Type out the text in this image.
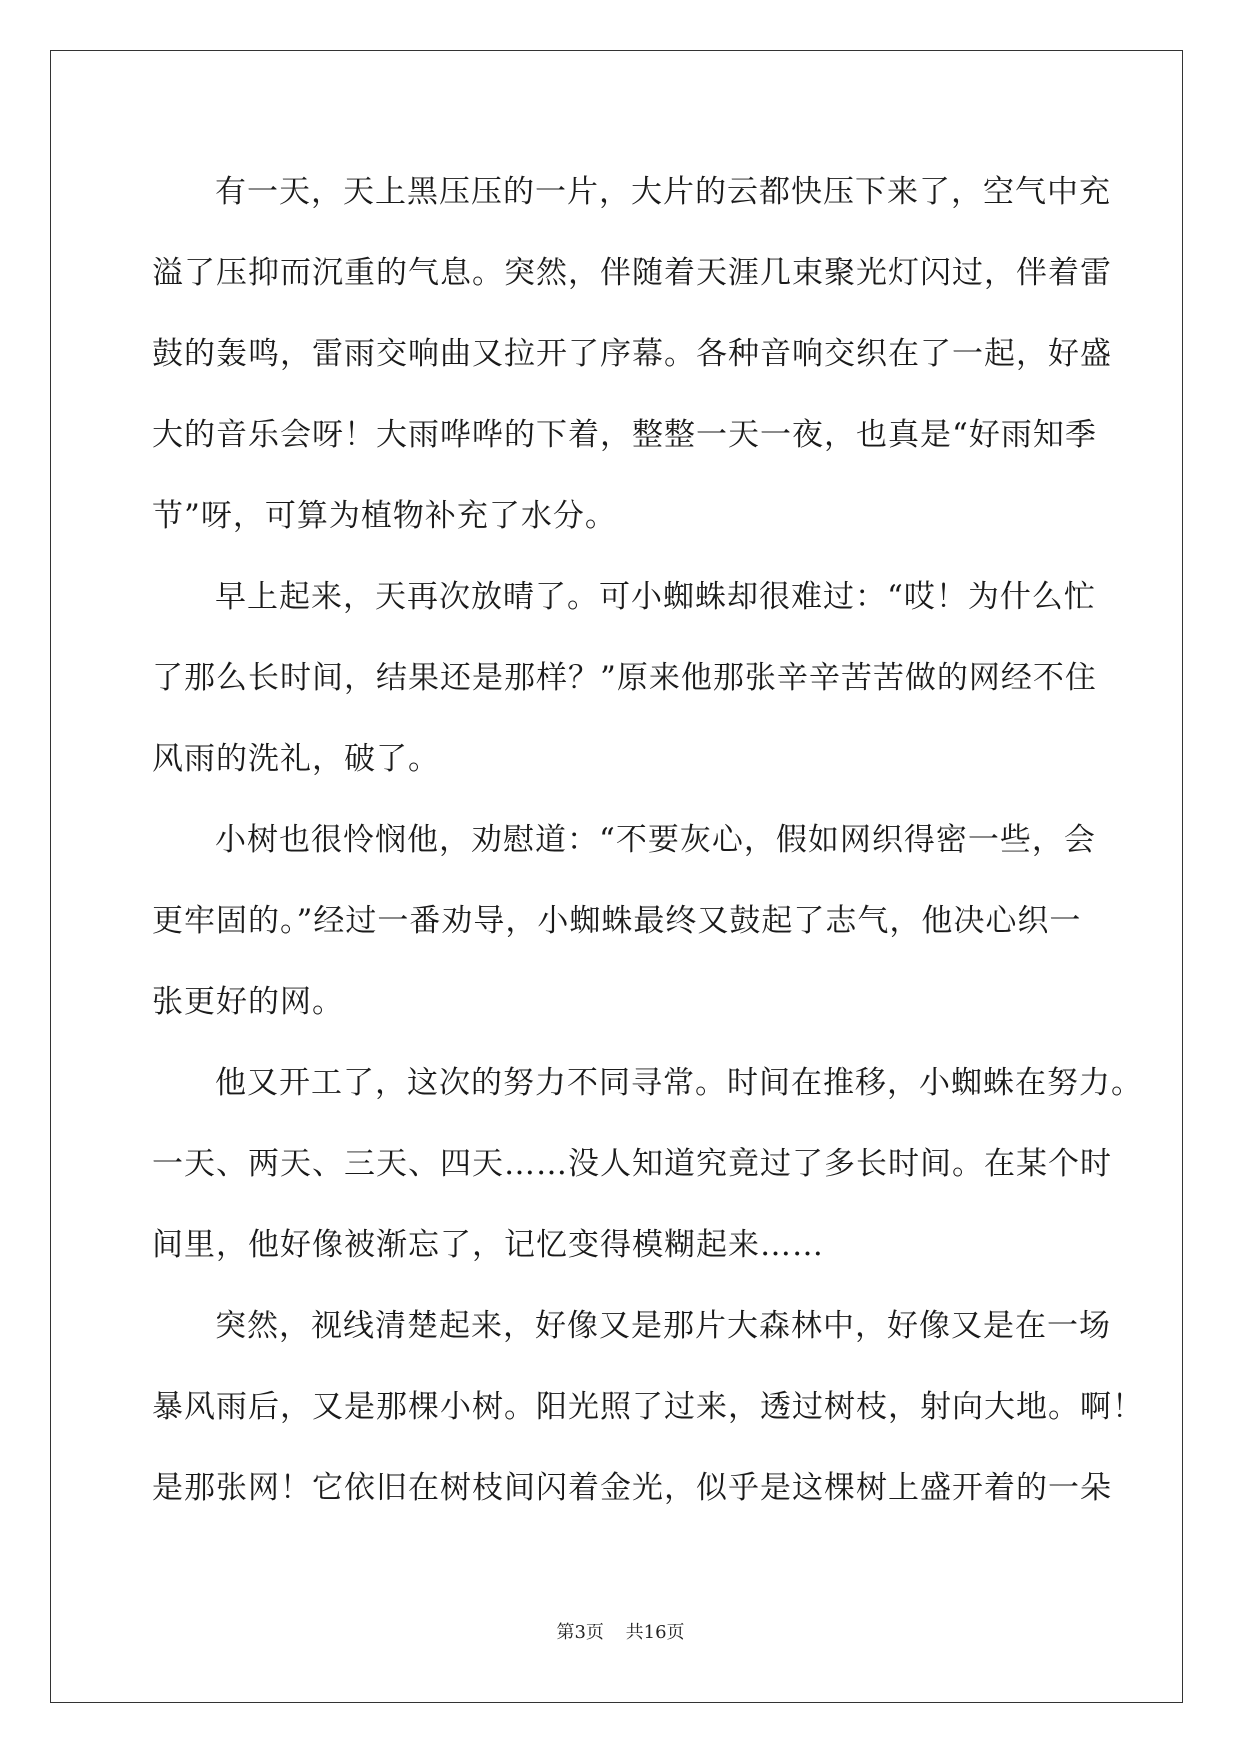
有一天，天上黑压压的一片，大片的云都快压下来了，空气中充
溢了压抑而沉重的气息。突然，伴随着天涯几束聚光灯闪过，伴着雷
鼓的轰鸣，雷雨交响曲又拉开了序幕。各种音响交织在了一起，好盛
大的音乐会呀！大雨哗哗的下着，整整一天一夜，也真是“好雨知季
节”呀，可算为植物补充了水分。
早上起来，天再次放晴了。可小蜘蛛却很难过：“哎！为什么忙
了那么长时间，结果还是那样？”原来他那张辛辛苦苦做的网经不住
风雨的洗礼，破了。
小树也很怜悯他，劝慰道：“不要灰心，假如网织得密一些，会
更牢固的。”经过一番劝导，小蜘蛛最终又鼓起了志气，他决心织一
张更好的网。
他又开工了，这次的努力不同寻常。时间在推移，小蜘蛛在努力。
一天、两天、三天、四天……没人知道究竟过了多长时间。在某个时
间里，他好像被渐忘了，记忆变得模糊起来……
突然，视线清楚起来，好像又是那片大森林中，好像又是在一场
暴风雨后，又是那棵小树。阳光照了过来，透过树枝，射向大地。啊！
是那张网！它依旧在树枝间闪着金光，似乎是这棵树上盛开着的一朵
第3页 共16页
